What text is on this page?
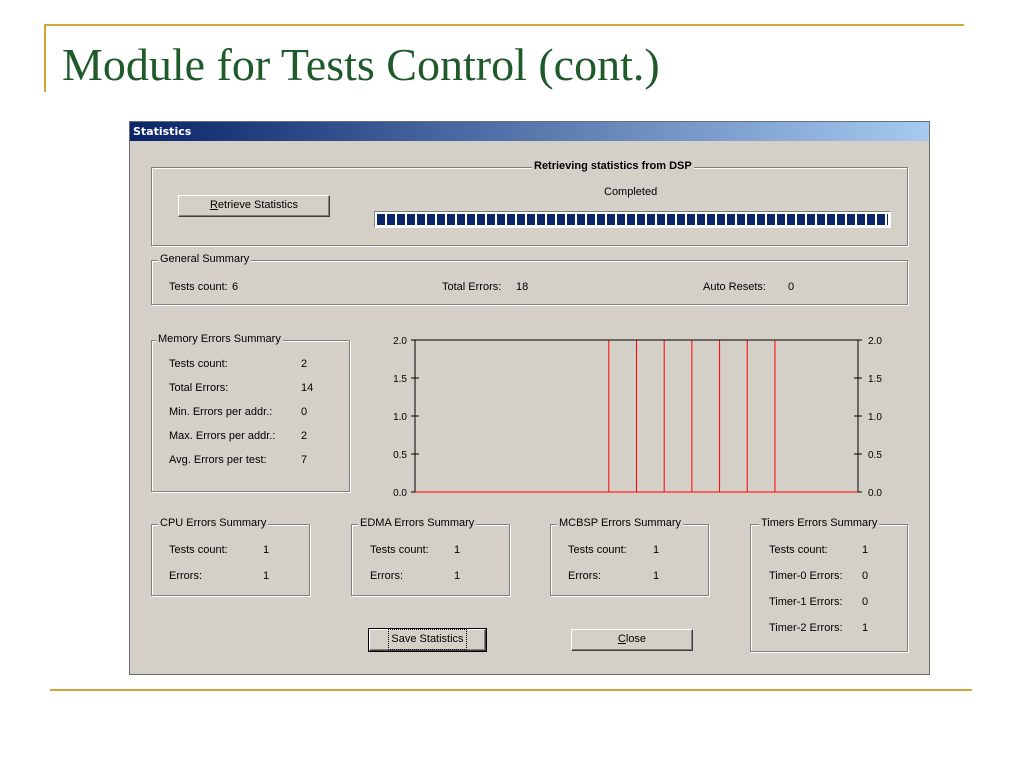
Module for Tests Control (cont.)
Statistics
Retrieving statistics from DSP
Retrieve Statistics
Completed
General Summary
Tests count: 6	Total Errors: 18	Auto Resets: 0
Memory Errors Summary
Tests count:	2
Total Errors:	14
Min. Errors per addr.:	0
Max. Errors per addr.: 2
Avg. Errors per test:	7
2.0	2.0
1.5	1.5
1.0	1.0
0.5	0.5
0.0	0.0
CPU Errors Summary
Tests count:	1
Errors:	1
EDMA Errors Summary
Tests count: 1
Errors:	1
MCBSP Errors Summary
Tests count: 1
Errors:	1
Timers Errors Summary
Tests count:	1
Timer-0 Errors: 0
Timer-1 Errors: 0
Timer-2 Errors: 1
Save Statistics	Close
